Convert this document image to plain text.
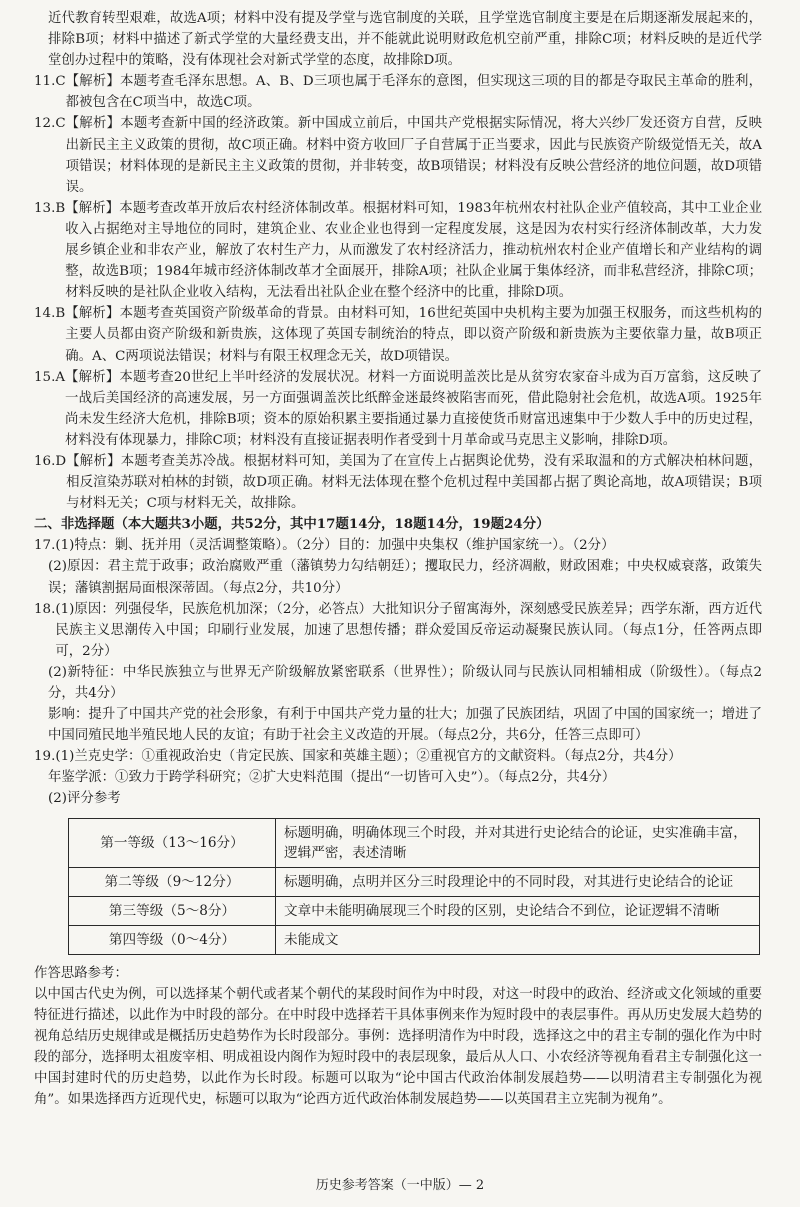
近代教育转型艰难，故选A项；材料中没有提及学堂与选官制度的关联，且学堂选官制度主要是在后期逐渐发展起来的，排除B项；材料中描述了新式学堂的大量经费支出，并不能就此说明财政危机空前严重，排除C项；材料反映的是近代学堂创办过程中的策略，没有体现社会对新式学堂的态度，故排除D项。

11.C 【解析】本题考查毛泽东思想。A、B、D三项也属于毛泽东的意图，但实现这三项的目的都是夺取民主革命的胜利，都被包含在C项当中，故选C项。
12.C 【解析】本题考查新中国的经济政策。新中国成立前后，中国共产党根据实际情况，将大兴纱厂发还资方自营，反映出新民主主义政策的贯彻，故C项正确。材料中资方收回厂子自营属于正当要求，因此与民族资产阶级觉悟无关，故A项错误；材料体现的是新民主主义政策的贯彻，并非转变，故B项错误；材料没有反映公营经济的地位问题，故D项错误。
13.B 【解析】本题考查改革开放后农村经济体制改革。根据材料可知，1983年杭州农村社队企业产值较高，其中工业企业收入占据绝对主导地位的同时，建筑企业、农业企业也得到一定程度发展，这是因为农村实行经济体制改革，大力发展乡镇企业和非农产业，解放了农村生产力，从而激发了农村经济活力，推动杭州农村企业产值增长和产业结构的调整，故选B项；1984年城市经济体制改革才全面展开，排除A项；社队企业属于集体经济，而非私营经济，排除C项；材料反映的是社队企业收入结构，无法看出社队企业在整个经济中的比重，排除D项。
14.B 【解析】本题考查英国资产阶级革命的背景。由材料可知，16世纪英国中央机构主要为加强王权服务，而这些机构的主要人员都由资产阶级和新贵族，这体现了英国专制统治的特点，即以资产阶级和新贵族为主要依靠力量，故B项正确。A、C两项说法错误；材料与有限王权理念无关，故D项错误。
15.A 【解析】本题考查20世纪上半叶经济的发展状况。材料一方面说明盖茨比是从贫穷农家奋斗成为百万富翁，这反映了一战后美国经济的高速发展，另一方面强调盖茨比纸醉金迷最终被陷害而死，借此隐射社会危机，故选A项。1925年尚未发生经济大危机，排除B项；资本的原始积累主要指通过暴力直接使货币财富迅速集中于少数人手中的历史过程，材料没有体现暴力，排除C项；材料没有直接证据表明作者受到十月革命或马克思主义影响，排除D项。
16.D 【解析】本题考查美苏冷战。根据材料可知，美国为了在宣传上占据舆论优势，没有采取温和的方式解决柏林问题，相反渲染苏联对柏林的封锁，故D项正确。材料无法体现在整个危机过程中美国都占据了舆论高地，故A项错误；B项与材料无关；C项与材料无关，故排除。

二、非选择题（本大题共3小题，共52分，其中17题14分，18题14分，19题24分）

17. (1)特点：剿、抚并用（灵活调整策略）。（2分）目的：加强中央集权（维护国家统一）。（2分）

(2)原因：君主荒于政事；政治腐败严重（藩镇势力勾结朝廷）；攫取民力，经济凋敝，财政困难；中央权威衰落，政策失误；藩镇割据局面根深蒂固。（每点2分，共10分）

18. (1)原因：列强侵华，民族危机加深；（2分，必答点）大批知识分子留寓海外，深刻感受民族差异；西学东渐，西方近代民族主义思潮传入中国；印刷行业发展，加速了思想传播；群众爱国反帝运动凝聚民族认同。（每点1分，任答两点即可，2分）

(2)新特征：中华民族独立与世界无产阶级解放紧密联系（世界性）；阶级认同与民族认同相辅相成（阶级性）。（每点2分，共4分）

影响：提升了中国共产党的社会形象，有利于中国共产党力量的壮大；加强了民族团结，巩固了中国的国家统一；增进了中国同殖民地半殖民地人民的友谊；有助于社会主义改造的开展。（每点2分，共6分，任答三点即可）

19. (1)兰克史学：①重视政治史（肯定民族、国家和英雄主题）；②重视官方的文献资料。（每点2分，共4分）

年鉴学派：①致力于跨学科研究；②扩大史料范围（提出“一切皆可入史”）。（每点2分，共4分）

(2)评分参考

第一等级（13～16分）	标题明确，明确体现三个时段，并对其进行史论结合的论证，史实准确丰富，逻辑严密，表述清晰
第二等级（9～12分）	标题明确，点明并区分三时段理论中的不同时段，对其进行史论结合的论证
第三等级（5～8分）	文章中未能明确展现三个时段的区别，史论结合不到位，论证逻辑不清晰
第四等级（0～4分）	未能成文

作答思路参考：

以中国古代史为例，可以选择某个朝代或者某个朝代的某段时间作为中时段，对这一时段中的政治、经济或文化领域的重要特征进行描述，以此作为中时段的部分。在中时段中选择若干具体事例来作为短时段中的表层事件。再从历史发展大趋势的视角总结历史规律或是概括历史趋势作为长时段部分。事例：选择明清作为中时段，选择这之中的君主专制的强化作为中时段的部分，选择明太祖废宰相、明成祖设内阁作为短时段中的表层现象，最后从人口、小农经济等视角看君主专制强化这一中国封建时代的历史趋势，以此作为长时段。标题可以取为“论中国古代政治体制发展趋势——以明清君主专制强化为视角”。如果选择西方近现代史，标题可以取为“论西方近代政治体制发展趋势——以英国君主立宪制为视角”。

历史参考答案（一中版）— 2
